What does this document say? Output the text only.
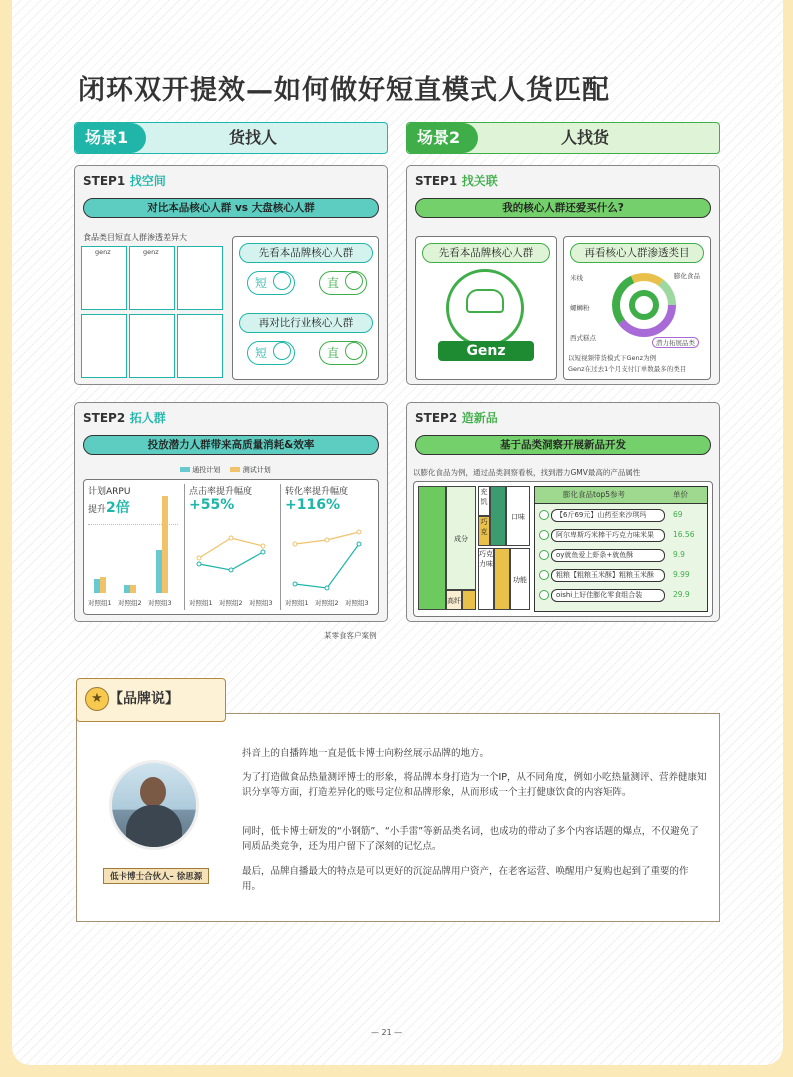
闭环双开提效—如何做好短直模式人货匹配
场景1	货找人	场景2	人找货
STEP1 找空间
对比本品核心人群 vs 大盘核心人群
食品类目短直人群渗透差异大
genz	genz	先看本品牌核心人群
短	直
再对比行业核心人群
短	直
STEP1 找关联
我的核心人群还爱买什么?
先看本品牌核心人群
Genz
再看核心人群渗透类目
米线	膨化食品
螺蛳粉
西式糕点
潜力拓展品类
以短视频带货模式下Genz为例
Genz在过去1个月支付订单数最多的类目
STEP2 拓人群
投放潜力人群带来高质量消耗&效率
通投计划	测试计划
计划ARPU
提升2倍
对照组1 对照组2 对照组3
点击率提升幅度
+55%
对照组1 对照组2 对照组3
转化率提升幅度
+116%
对照组1 对照组2 对照组3
STEP2 造新品
基于品类洞察开展新品开发
以膨化食品为例，通过品类洞察看板，找到潜力GMV最高的产品属性
成分
高纤
充饥
巧克
口味
巧克力味
功能
膨化食品top5参考	单价
【6斤69元】山药至来沙琪玛	69
阿尔卑斯巧米棒干巧克力味米果	16.56
oy就鱼爱上虾条+就鱼酥	9.9
粗粮【粗粮玉米酥】粗粮玉米酥	9.99
oishi上好佳膨化零食组合装	29.9
某零食客户案例
低卡博士合伙人– 徐思源
★ 【品牌说】
抖音上的自播阵地一直是低卡博士向粉丝展示品牌的地方。
为了打造做食品热量测评博士的形象，将品牌本身打造为一个IP，从不同角度，例如小吃热量测评、营养健康知识分享等方面，打造差异化的账号定位和品牌形象，从而形成一个主打健康饮食的内容矩阵。
同时，低卡博士研发的“小钢筋”、“小手雷”等新品类名词，也成功的带动了多个内容话题的爆点，不仅避免了同质品类竞争，还为用户留下了深刻的记忆点。
最后，品牌自播最大的特点是可以更好的沉淀品牌用户资产，在老客运营、唤醒用户复购也起到了重要的作用。
— 21 —
